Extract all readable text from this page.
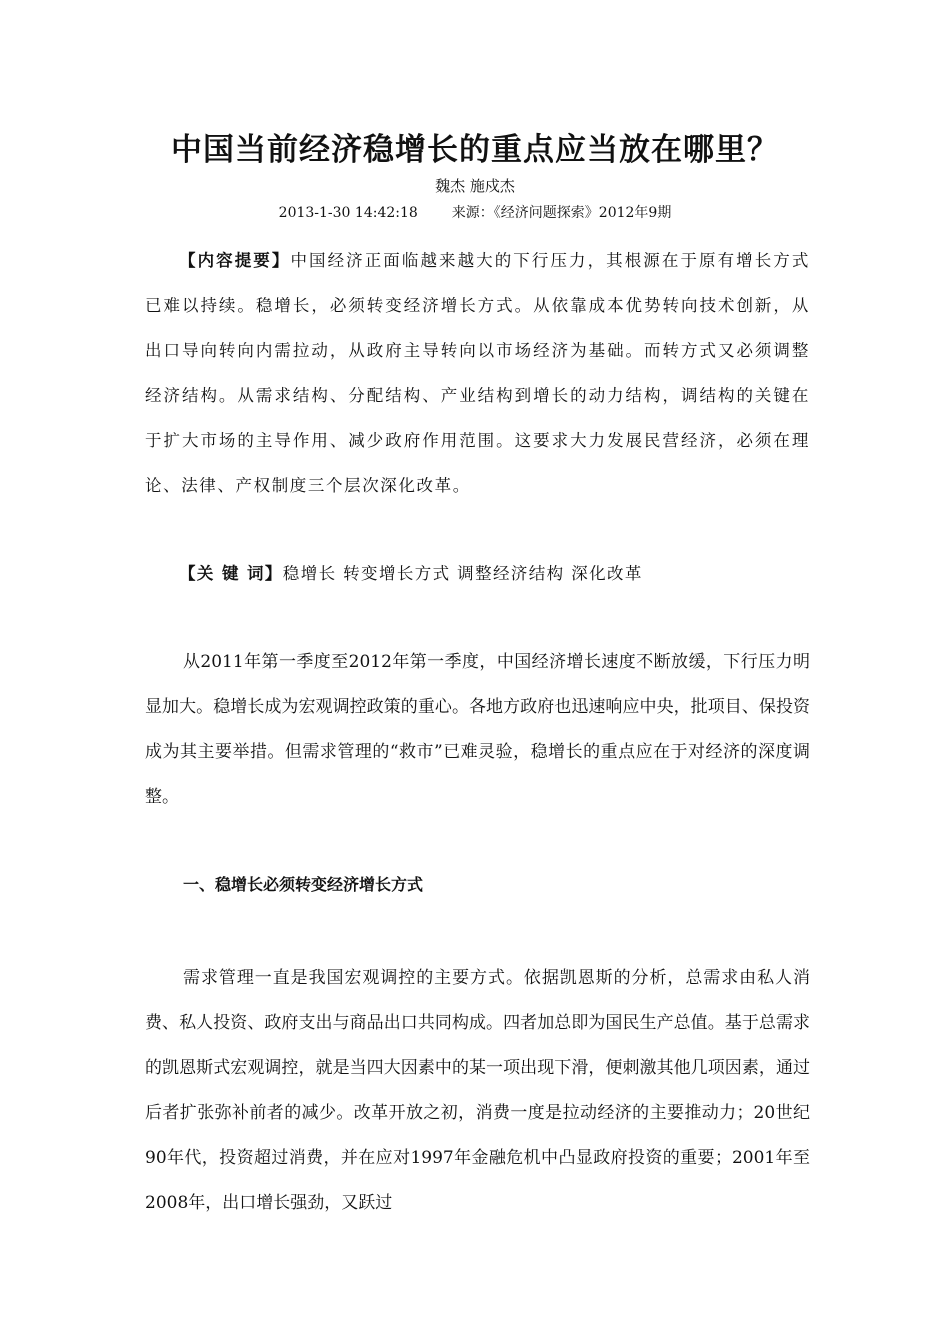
中国当前经济稳增长的重点应当放在哪里？
魏杰 施戍杰
2013-1-30 14:42:18 来源：《经济问题探索》2012年9期
【内容提要】中国经济正面临越来越大的下行压力，其根源在于原有增长方式已难以持续。稳增长，必须转变经济增长方式。从依靠成本优势转向技术创新，从出口导向转向内需拉动，从政府主导转向以市场经济为基础。而转方式又必须调整经济结构。从需求结构、分配结构、产业结构到增长的动力结构，调结构的关键在于扩大市场的主导作用、减少政府作用范围。这要求大力发展民营经济，必须在理论、法律、产权制度三个层次深化改革。
【关 键 词】稳增长 转变增长方式 调整经济结构 深化改革
从2011年第一季度至2012年第一季度，中国经济增长速度不断放缓，下行压力明显加大。稳增长成为宏观调控政策的重心。各地方政府也迅速响应中央，批项目、保投资成为其主要举措。但需求管理的“救市”已难灵验，稳增长的重点应在于对经济的深度调整。
一、稳增长必须转变经济增长方式
需求管理一直是我国宏观调控的主要方式。依据凯恩斯的分析，总需求由私人消费、私人投资、政府支出与商品出口共同构成。四者加总即为国民生产总值。基于总需求的凯恩斯式宏观调控，就是当四大因素中的某一项出现下滑，便刺激其他几项因素，通过后者扩张弥补前者的减少。改革开放之初，消费一度是拉动经济的主要推动力；20世纪90年代，投资超过消费，并在应对1997年金融危机中凸显政府投资的重要；2001年至2008年，出口增长强劲，又跃过
